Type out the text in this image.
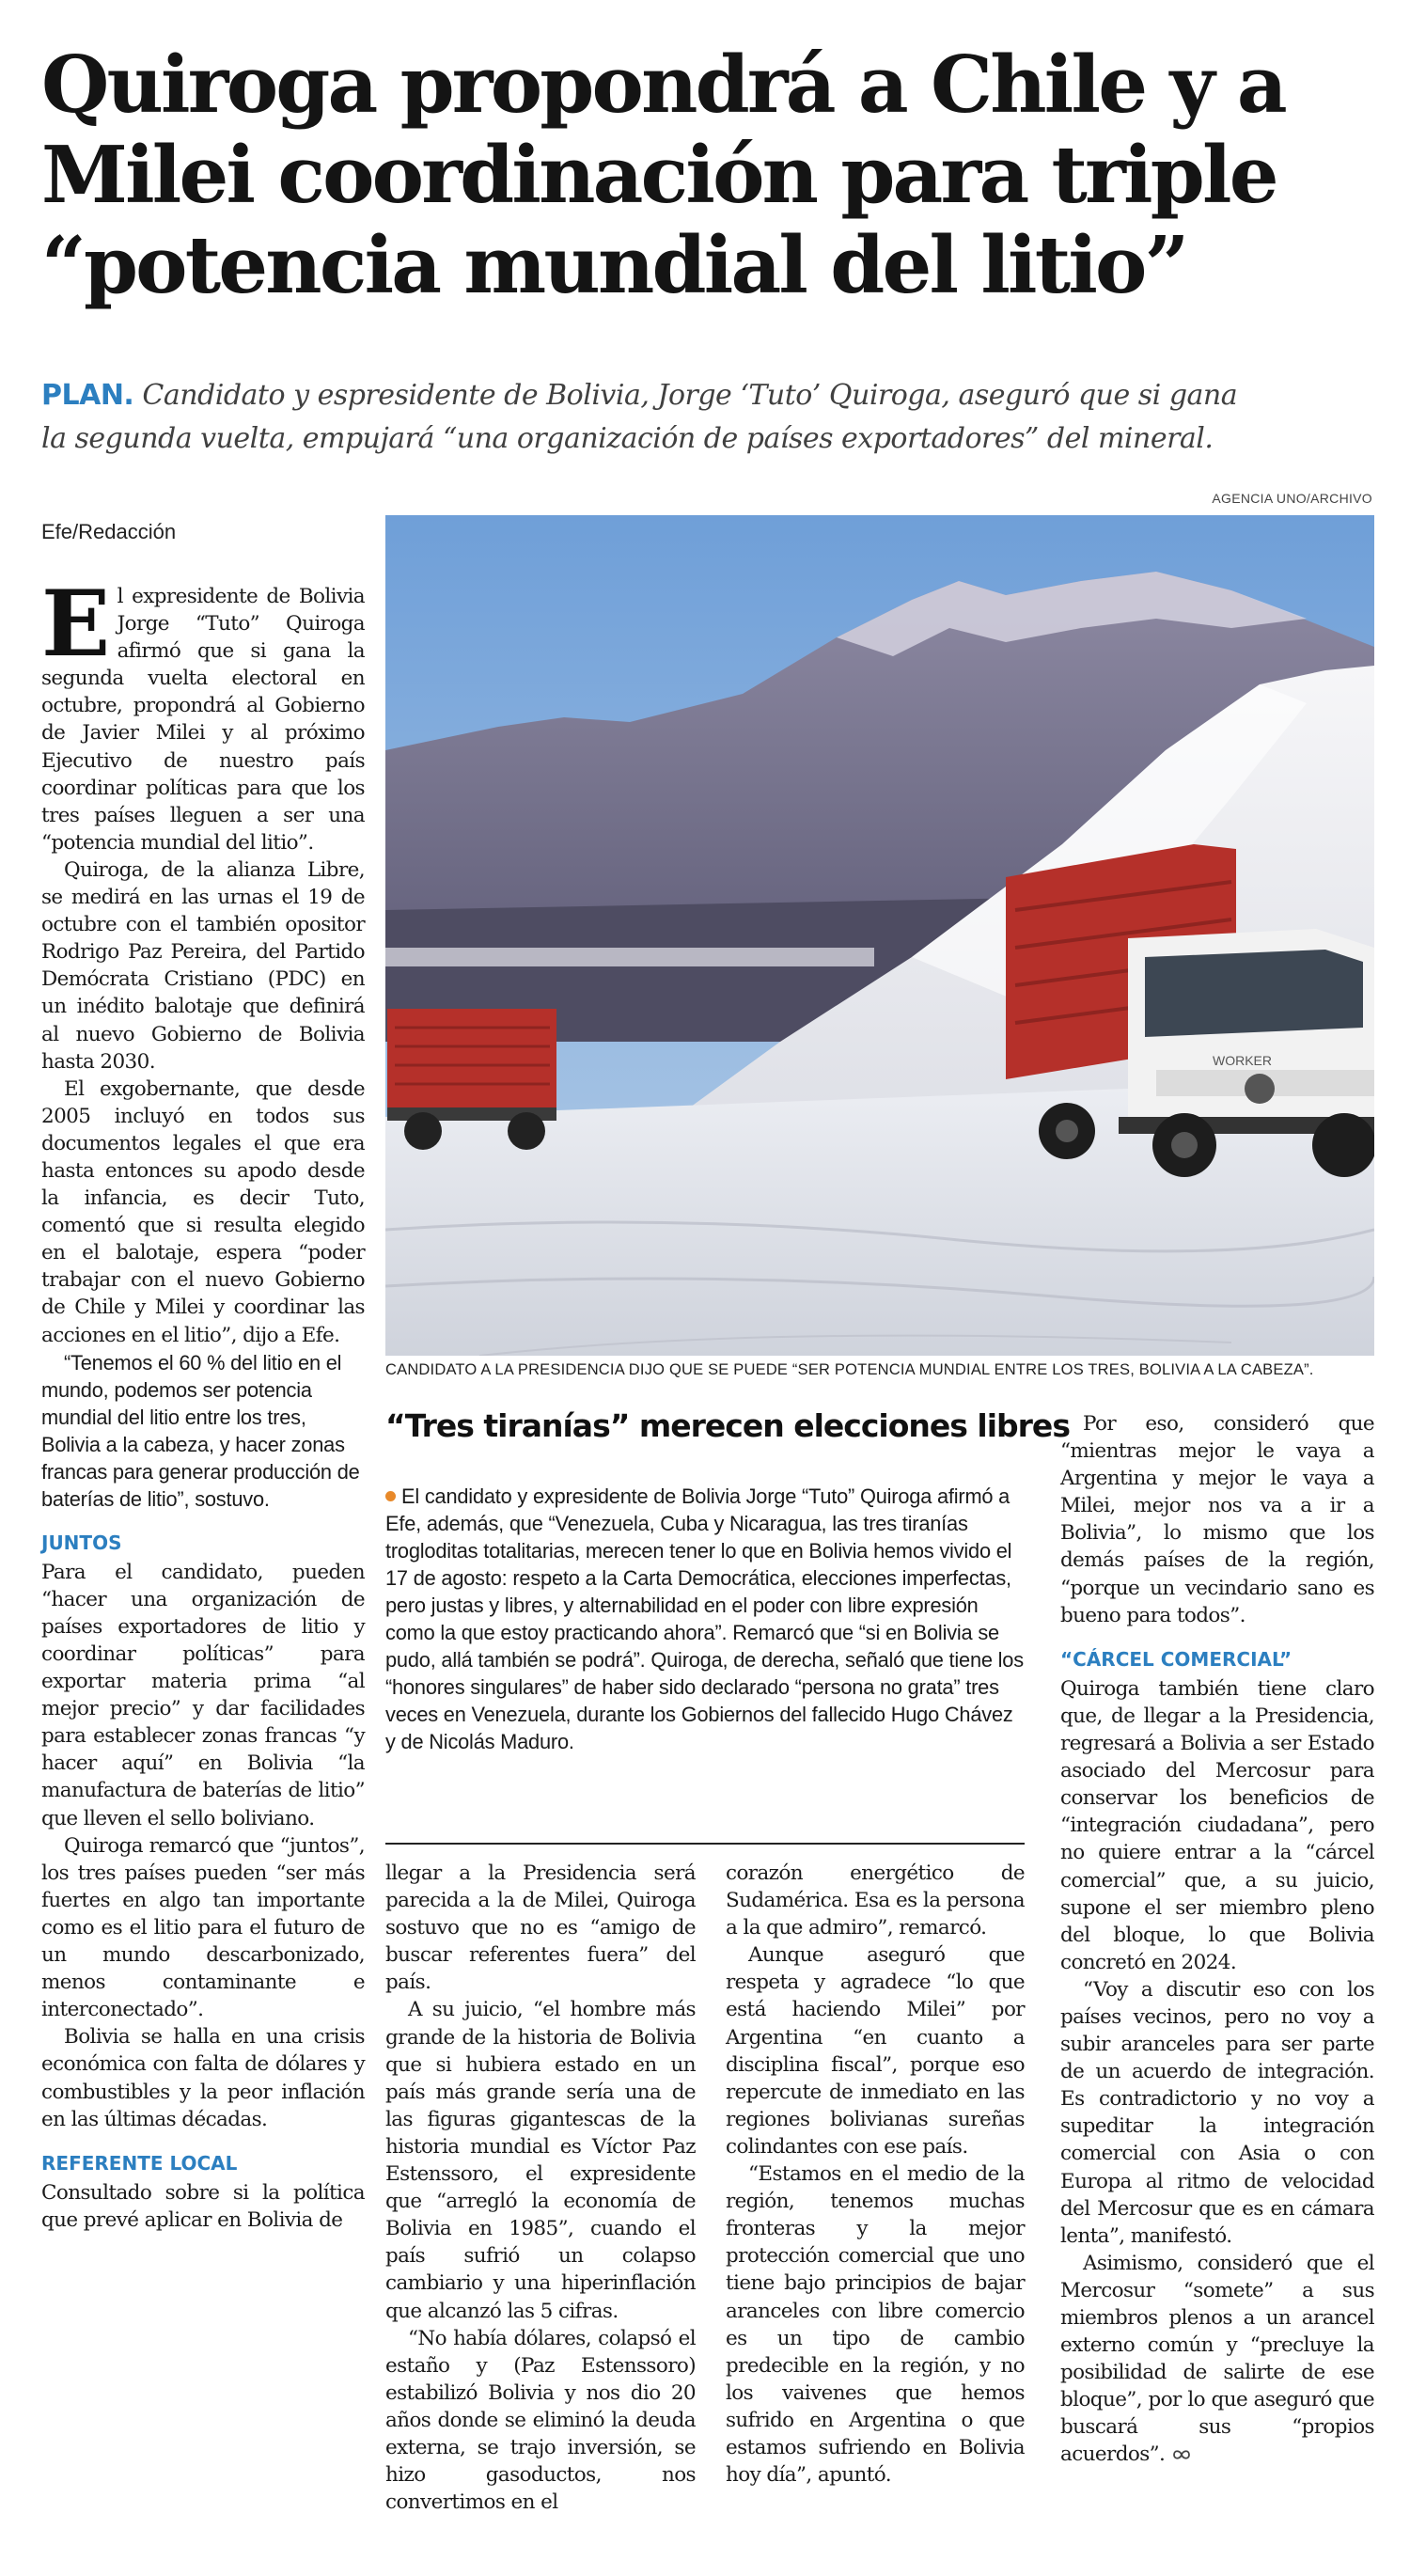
Quiroga propondrá a Chile y a
Milei coordinación para triple
“potencia mundial del litio”
PLAN. Candidato y espresidente de Bolivia, Jorge ‘Tuto’ Quiroga, aseguró que si gana
la segunda vuelta, empujará “una organización de países exportadores” del mineral.
AGENCIA UNO/ARCHIVO
Efe/Redacción
WORKER
CANDIDATO A LA PRESIDENCIA DIJO QUE SE PUEDE “SER POTENCIA MUNDIAL ENTRE LOS TRES, BOLIVIA A LA CABEZA”.

El expresidente de Bolivia Jorge “Tuto” Quiroga afirmó que si gana la segunda vuelta electoral en octubre, propondrá al Gobierno de Javier Milei y al próximo Ejecutivo de nuestro país coordinar políticas para que los tres países lleguen a ser una “potencia mundial del litio”.

Quiroga, de la alianza Libre, se medirá en las urnas el 19 de octubre con el también opositor Rodrigo Paz Pereira, del Partido Demócrata Cristiano (PDC) en un inédito balotaje que definirá al nuevo Gobierno de Bolivia hasta 2030.

El exgobernante, que desde 2005 incluyó en todos sus documentos legales el que era hasta entonces su apodo desde la infancia, es decir Tuto, comentó que si resulta elegido en el balotaje, espera “poder trabajar con el nuevo Gobierno de Chile y Milei y coordinar las acciones en el litio”, dijo a Efe.

“Tenemos el 60 % del litio en el mundo, podemos ser potencia mundial del litio entre los tres, Bolivia a la cabeza, y hacer zonas francas para generar producción de baterías de litio”, sostuvo.

JUNTOS

Para el candidato, pueden “hacer una organización de países exportadores de litio y coordinar políticas” para exportar materia prima “al mejor precio” y dar facilidades para establecer zonas francas “y hacer aquí” en Bolivia “la manufactura de baterías de litio” que lleven el sello boliviano.

Quiroga remarcó que “juntos”, los tres países pueden “ser más fuertes en algo tan importante como es el litio para el futuro de un mundo descarbonizado, menos contaminante e interconectado”.

Bolivia se halla en una crisis económica con falta de dólares y combustibles y la peor inflación en las últimas décadas.

REFERENTE LOCAL

Consultado sobre si la política que prevé aplicar en Bolivia de

“Tres tiranías” merecen elecciones libres

El candidato y expresidente de Bolivia Jorge “Tuto” Quiroga afirmó a Efe, además, que “Venezuela, Cuba y Nicaragua, las tres tiranías trogloditas totalitarias, merecen tener lo que en Bolivia hemos vivido el 17 de agosto: respeto a la Carta Democrática, elecciones imperfectas, pero justas y libres, y alternabilidad en el poder con libre expresión como la que estoy practicando ahora”. Remarcó que “si en Bolivia se pudo, allá también se podrá”. Quiroga, de derecha, señaló que tiene los “honores singulares” de haber sido declarado “persona no grata” tres veces en Venezuela, durante los Gobiernos del fallecido Hugo Chávez y de Nicolás Maduro.

llegar a la Presidencia será parecida a la de Milei, Quiroga sostuvo que no es “amigo de buscar referentes fuera” del país.

A su juicio, “el hombre más grande de la historia de Bolivia que si hubiera estado en un país más grande sería una de las figuras gigantescas de la historia mundial es Víctor Paz Estenssoro, el expresidente que “arregló la economía de Bolivia en 1985”, cuando el país sufrió un colapso cambiario y una hiperinflación que alcanzó las 5 cifras.

“No había dólares, colapsó el estaño y (Paz Estenssoro) estabilizó Bolivia y nos dio 20 años donde se eliminó la deuda externa, se trajo inversión, se hizo gasoductos, nos convertimos en el

corazón energético de Sudamérica. Esa es la persona a la que admiro”, remarcó.

Aunque aseguró que respeta y agradece “lo que está haciendo Milei” por Argentina “en cuanto a disciplina fiscal”, porque eso repercute de inmediato en las regiones bolivianas sureñas colindantes con ese país.

“Estamos en el medio de la región, tenemos muchas fronteras y la mejor protección comercial que uno tiene bajo principios de bajar aranceles con libre comercio es un tipo de cambio predecible en la región, y no los vaivenes que hemos sufrido en Argentina o que estamos sufriendo en Bolivia hoy día”, apuntó.

Por eso, consideró que “mientras mejor le vaya a Argentina y mejor le vaya a Milei, mejor nos va a ir a Bolivia”, lo mismo que los demás países de la región, “porque un vecindario sano es bueno para todos”.

“CÁRCEL COMERCIAL”

Quiroga también tiene claro que, de llegar a la Presidencia, regresará a Bolivia a ser Estado asociado del Mercosur para conservar los beneficios de “integración ciudadana”, pero no quiere entrar a la “cárcel comercial” que, a su juicio, supone el ser miembro pleno del bloque, lo que Bolivia concretó en 2024.

“Voy a discutir eso con los países vecinos, pero no voy a subir aranceles para ser parte de un acuerdo de integración. Es contradictorio y no voy a supeditar la integración comercial con Asia o con Europa al ritmo de velocidad del Mercosur que es en cámara lenta”, manifestó.

Asimismo, consideró que el Mercosur “somete” a sus miembros plenos a un arancel externo común y “precluye la posibilidad de salirte de ese bloque”, por lo que aseguró que buscará sus “propios acuerdos”.
